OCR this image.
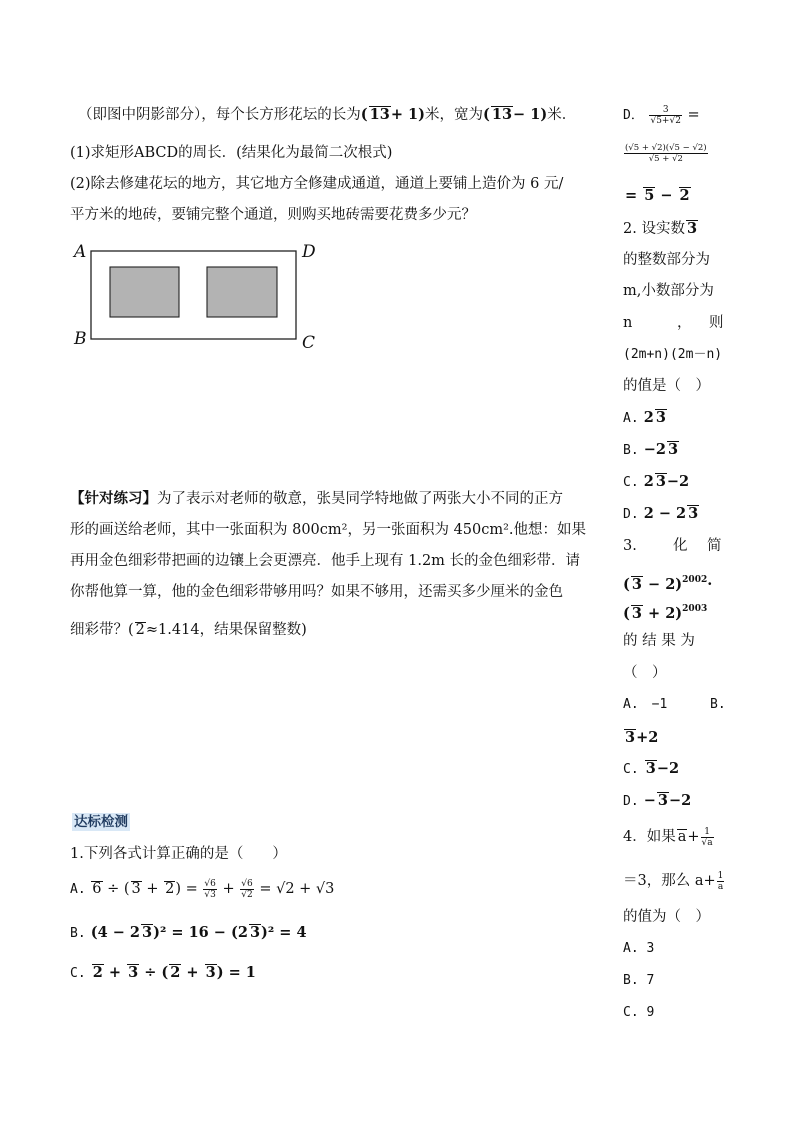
（即图中阴影部分），每个长方形花坛的长为( 13+ 1)米，宽为( 13− 1)米．
(1)求矩形ABCD的周长．(结果化为最简二次根式)
(2)除去修建花坛的地方，其它地方全修建成通道，通道上要铺上造价为 6 元/
平方米的地砖，要铺完整个通道，则购买地砖需要花费多少元？
A	D
B	C
【针对练习】为了表示对老师的敬意，张昊同学特地做了两张大小不同的正方
形的画送给老师，其中一张面积为 800cm²，另一张面积为 450cm².他想：如果
再用金色细彩带把画的边镶上会更漂亮．他手上现有 1.2m 长的金色细彩带．请
你帮他算一算，他的金色细彩带够用吗？如果不够用，还需买多少厘米的金色
细彩带？( 2≈1.414，结果保留整数)
达标检测
1.下列各式计算正确的是（　　）
A. 6 ÷ ( $3 + 2) = \frac{√6}{√3} + \frac{√6}{√2} = √2 + √3$
B. (4 − 2 3)² = 16 − (2 3)² = 4
C. 2 + 3 ÷ ( 2 + 3) = 1
D． $\frac{3}{√5+√2}$ =
$\frac{(√5 + √2)(√5 - √2)}{√5 + √2}$
= 5 − 2
2. 设实数 3
的整数部分为
m,小数部分为
n	， 则
(2m+n)(2m－n)
的值是（　）
A. 2 3
B. −2 3
C. 2 3−2
D. 2 − 2 3
3. 化 简
( 3 − 2)$^{2002}$·
( 3 + 2)$^{2003}$
的 结 果 为
（　）
A.　−1	B.
3+2
C. 3−2
D. − 3−2
4．如果 $a+ \frac{1}{√a}$
＝3，那么 $a+ \frac{1}{a}$
的值为（　）
A. 3
B. 7
C. 9
